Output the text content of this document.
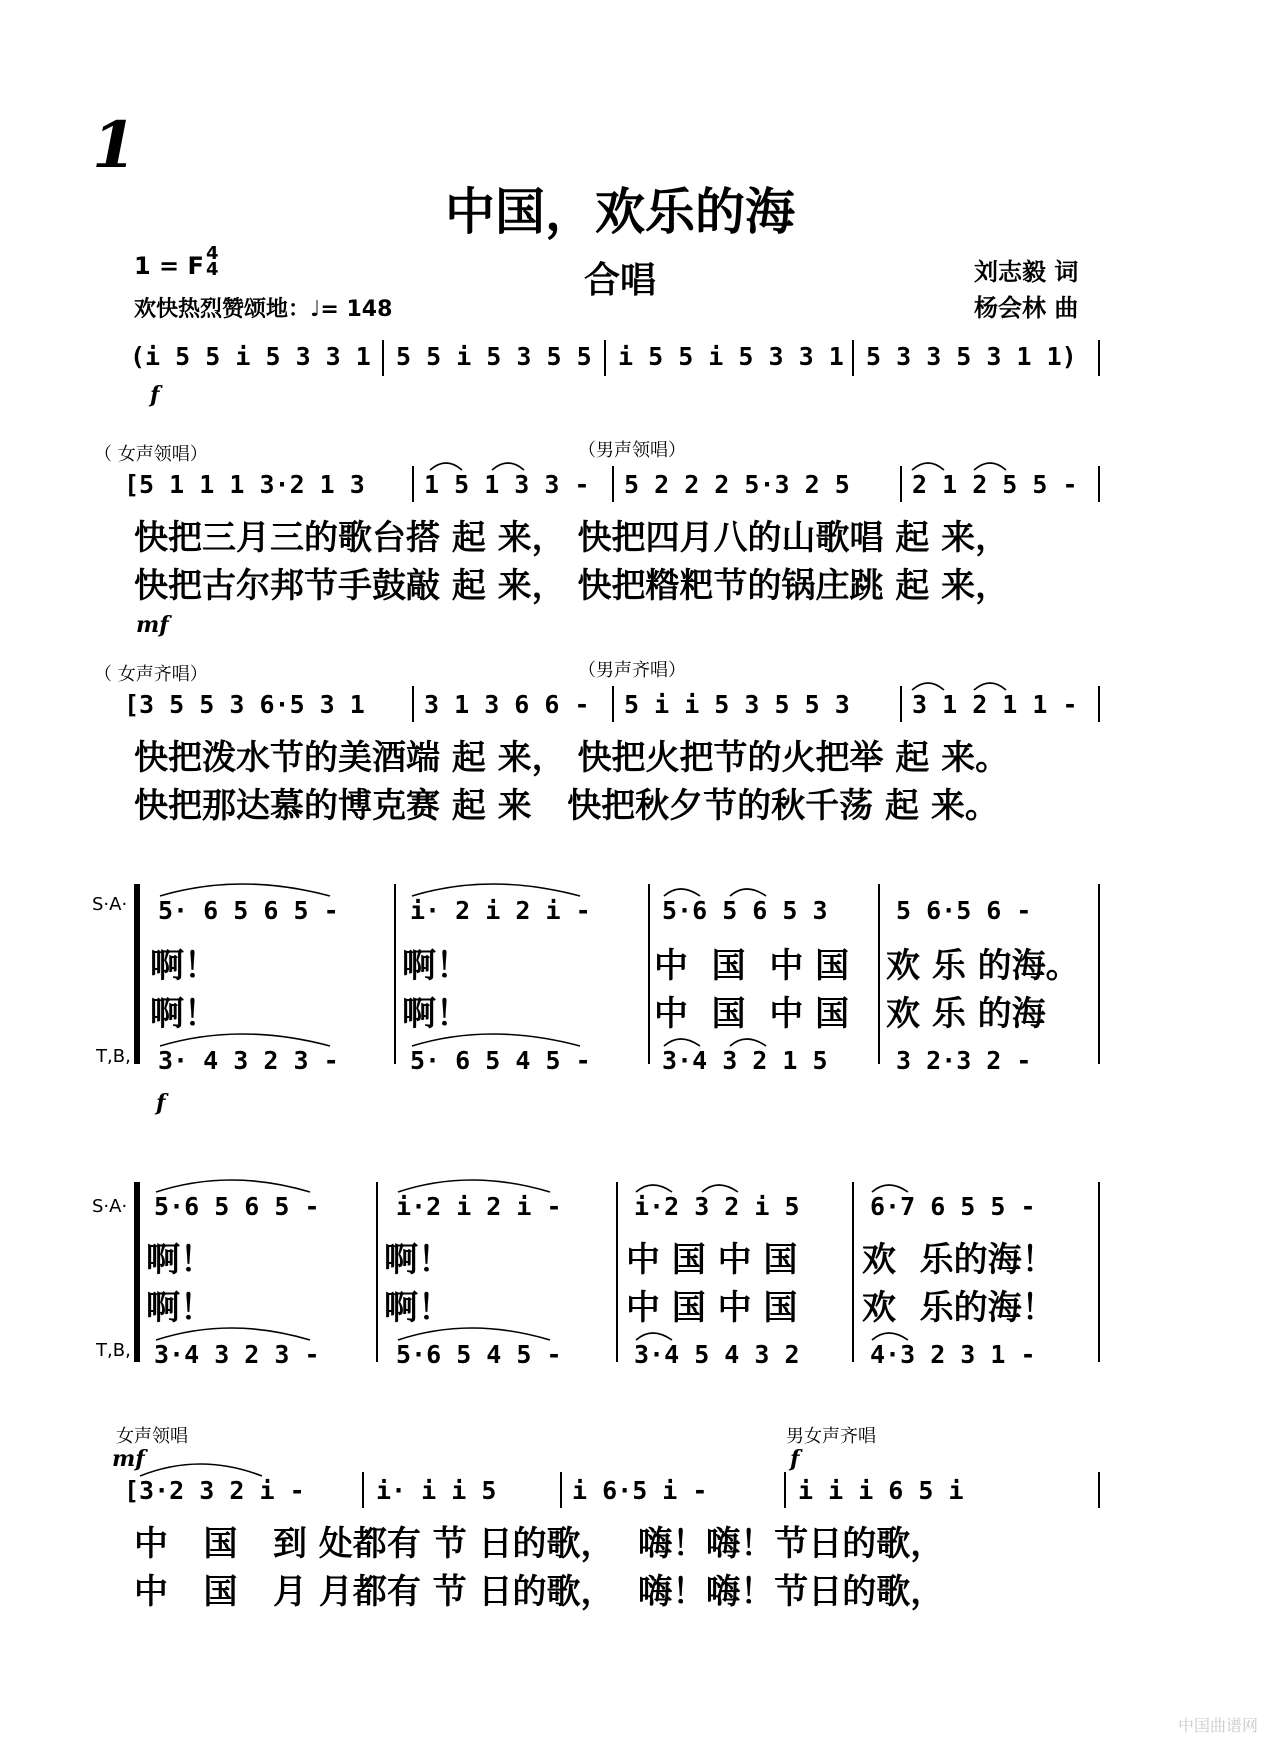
1
中国，欢乐的海
合唱
1 = F 4
4
欢快热烈赞颂地：♩= 148
刘志毅 词
杨会林 曲
(i 5 5 i 5 3 3 1 5 5 i 5 3 5 5 i 5 5 i 5 3 3 1 5 3 3 5 3 1 1)
f
（ 女声领唱）	（男声领唱）
[5 1 1 1 3·2 1 3 1 5 1 3 3 - 5 2 2 2 5·3 2 5 2 1 2 5 5 -
快把三月三的歌台搭 起 来， 快把四月八的山歌唱 起 来，
快把古尔邦节手鼓敲 起 来， 快把糌粑节的锅庄跳 起 来，
mf
（ 女声齐唱）	（男声齐唱）
[3 5 5 3 6·5 3 1 3 1 3 6 6 - 5 i i 5 3 5 5 3 3 1 2 1 1 -
快把泼水节的美酒端 起 来， 快把火把节的火把举 起 来。
快把那达慕的博克赛 起 来   快把秋夕节的秋千荡 起 来。
S·A·
T,B,
5· 6 5 6 5 -	i· 2 i 2 i -	5·6 5 6 5 3	5 6·5 6 -
啊！	啊！	中  国  中 国 欢 乐 的海。
啊！	啊！	中  国  中 国 欢 乐 的海
3· 4 3 2 3 -	5· 6 5 4 5 -	3·4 3 2 1 5	3 2·3 2 -
f
S·A·
T,B,
5·6 5 6 5 -	i·2 i 2 i -	i·2 3 2 i 5	6·7 6 5 5 -
啊！	啊！	中 国 中 国 欢  乐的海！
啊！	啊！	中 国 中 国 欢  乐的海！
3·4 3 2 3 -	5·6 5 4 5 -	3·4 5 4 3 2	4·3 2 3 1 -
女声领唱	男女声齐唱
mf	f
[3·2 3 2 i -	i· i i 5	i 6·5 i -	i i i 6 5 i
中   国   到 处都有 节 日的歌，  嗨！嗨！节日的歌，
中   国   月 月都有 节 日的歌，  嗨！嗨！节日的歌，
中国曲谱网
